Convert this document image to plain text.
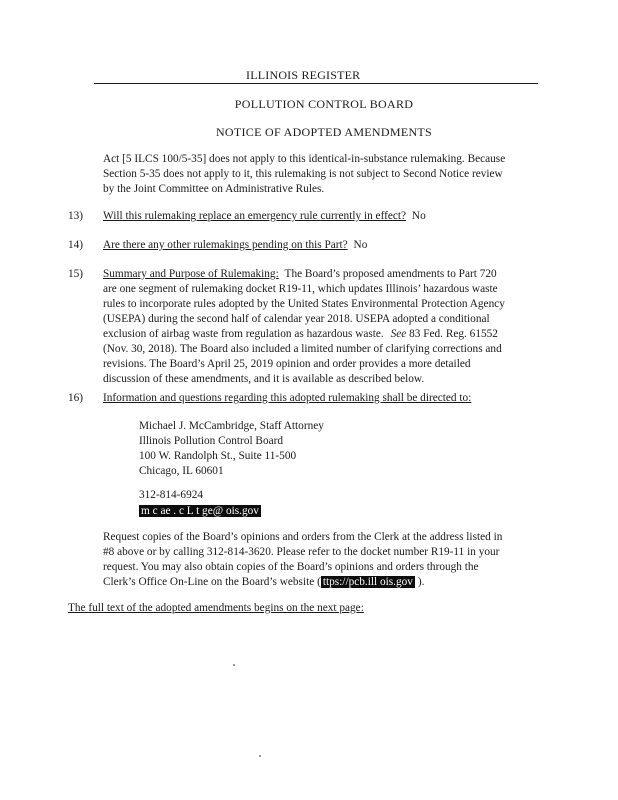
ILLINOIS REGISTER
POLLUTION CONTROL BOARD
NOTICE OF ADOPTED AMENDMENTS
Act [5 ILCS 100/5-35] does not apply to this identical-in-substance rulemaking. Because
Section 5-35 does not apply to it, this rulemaking is not subject to Second Notice review
by the Joint Committee on Administrative Rules.
13) Will this rulemaking replace an emergency rule currently in effect? No
14) Are there any other rulemakings pending on this Part? No
15) Summary and Purpose of Rulemaking: The Board’s proposed amendments to Part 720
are one segment of rulemaking docket R19-11, which updates Illinois’ hazardous waste
rules to incorporate rules adopted by the United States Environmental Protection Agency
(USEPA) during the second half of calendar year 2018. USEPA adopted a conditional
exclusion of airbag waste from regulation as hazardous waste. See 83 Fed. Reg. 61552
(Nov. 30, 2018). The Board also included a limited number of clarifying corrections and
revisions. The Board’s April 25, 2019 opinion and order provides a more detailed
discussion of these amendments, and it is available as described below.
16) Information and questions regarding this adopted rulemaking shall be directed to:
Michael J. McCambridge, Staff Attorney
Illinois Pollution Control Board
100 W. Randolph St., Suite 11-500
Chicago, IL 60601
312-814-6924
m c ae . c L t ge@ ois.gov
Request copies of the Board’s opinions and orders from the Clerk at the address listed in
#8 above or by calling 312-814-3620. Please refer to the docket number R19-11 in your
request. You may also obtain copies of the Board’s opinions and orders through the
Clerk’s Office On-Line on the Board’s website ( ttps://pcb.ill ois.gov ).
The full text of the adopted amendments begins on the next page:
